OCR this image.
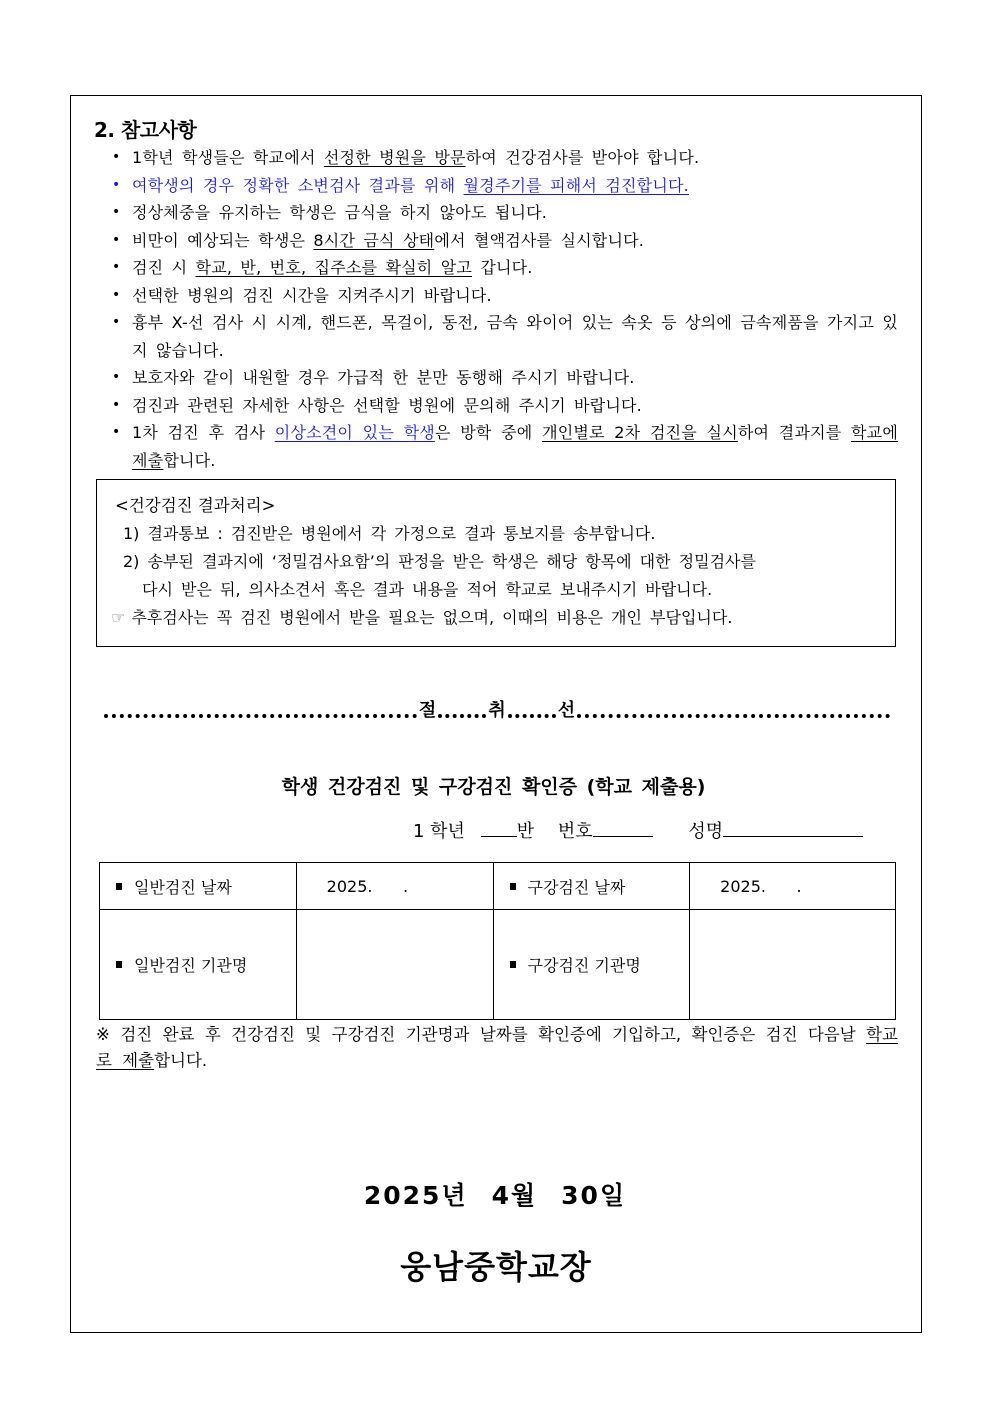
2. 참고사항
• 1학년 학생들은 학교에서 선정한 병원을 방문하여 건강검사를 받아야 합니다.
• 여학생의 경우 정확한 소변검사 결과를 위해 월경주기를 피해서 검진합니다.
• 정상체중을 유지하는 학생은 금식을 하지 않아도 됩니다.
• 비만이 예상되는 학생은 8시간 금식 상태에서 혈액검사를 실시합니다.
• 검진 시 학교, 반, 번호, 집주소를 확실히 알고 갑니다.
• 선택한 병원의 검진 시간을 지켜주시기 바랍니다.
• 흉부 X-선 검사 시 시계, 핸드폰, 목걸이, 동전, 금속 와이어 있는 속옷 등 상의에 금속제품을 가지고 있지 않습니다.
• 보호자와 같이 내원할 경우 가급적 한 분만 동행해 주시기 바랍니다.
• 검진과 관련된 자세한 사항은 선택할 병원에 문의해 주시기 바랍니다.
• 1차 검진 후 검사 이상소견이 있는 학생은 방학 중에 개인별로 2차 검진을 실시하여 결과지를 학교에 제출합니다.
<건강검진 결과처리>
1) 결과통보 : 검진받은 병원에서 각 가정으로 결과 통보지를 송부합니다.
2) 송부된 결과지에 ‘정밀검사요함’의 판정을 받은 학생은 해당 항목에 대한 정밀검사를
다시 받은 뒤, 의사소견서 혹은 결과 내용을 적어 학교로 보내주시기 바랍니다.
☞ 추후검사는 꼭 검진 병원에서 받을 필요는 없으며, 이때의 비용은 개인 부담입니다.
절	취	선
학생 건강검진 및 구강검진 확인증 (학교 제출용)
1 학년	반 번호	성명
일반검진 날짜	2025.      .	구강검진 날짜	2025.      .
일반검진 기관명		구강검진 기관명	
※ 검진 완료 후 건강검진 및 구강검진 기관명과 날짜를 확인증에 기입하고, 확인증은 검진 다음날 학교로 제출합니다.
2025년 4월 30일
웅남중학교장
